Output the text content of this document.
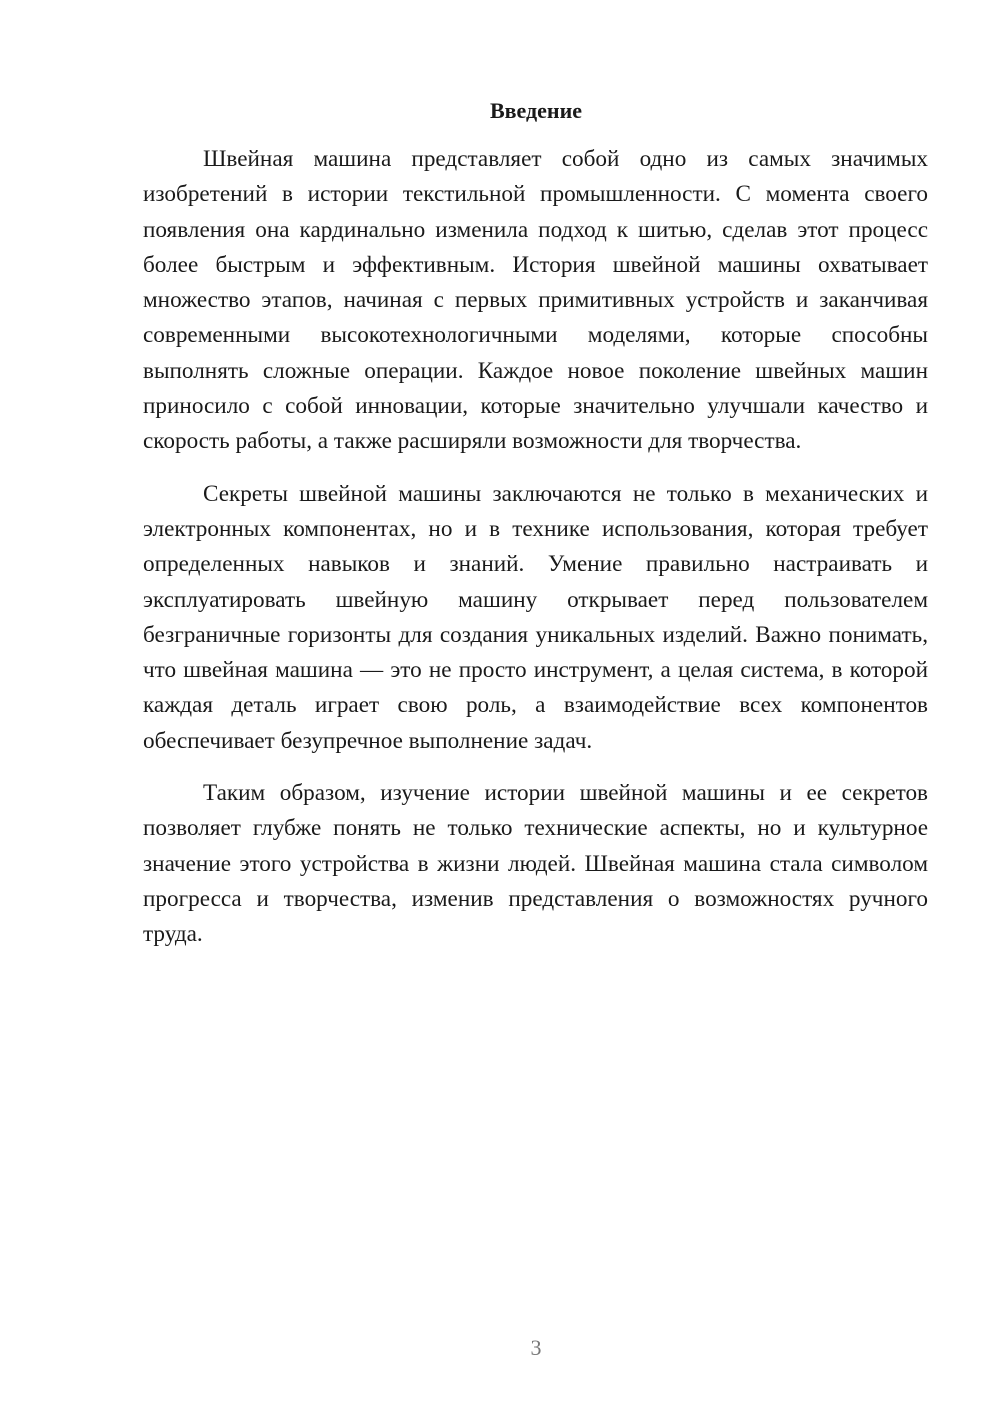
Введение

Швейная машина представляет собой одно из самых значимых изобретений в истории текстильной промышленности. С момента своего появления она кардинально изменила подход к шитью, сделав этот процесс более быстрым и эффективным. История швейной машины охватывает множество этапов, начиная с первых примитивных устройств и заканчивая современными высокотехнологичными моделями, которые способны выполнять сложные операции. Каждое новое поколение швейных машин приносило с собой инновации, которые значительно улучшали качество и скорость работы, а также расширяли возможности для творчества.

Секреты швейной машины заключаются не только в механических и электронных компонентах, но и в технике использования, которая требует определенных навыков и знаний. Умение правильно настраивать и эксплуатировать швейную машину открывает перед пользователем безграничные горизонты для создания уникальных изделий. Важно понимать, что швейная машина — это не просто инструмент, а целая система, в которой каждая деталь играет свою роль, а взаимодействие всех компонентов обеспечивает безупречное выполнение задач.

Таким образом, изучение истории швейной машины и ее секретов позволяет глубже понять не только технические аспекты, но и культурное значение этого устройства в жизни людей. Швейная машина стала символом прогресса и творчества, изменив представления о возможностях ручного труда.

3
